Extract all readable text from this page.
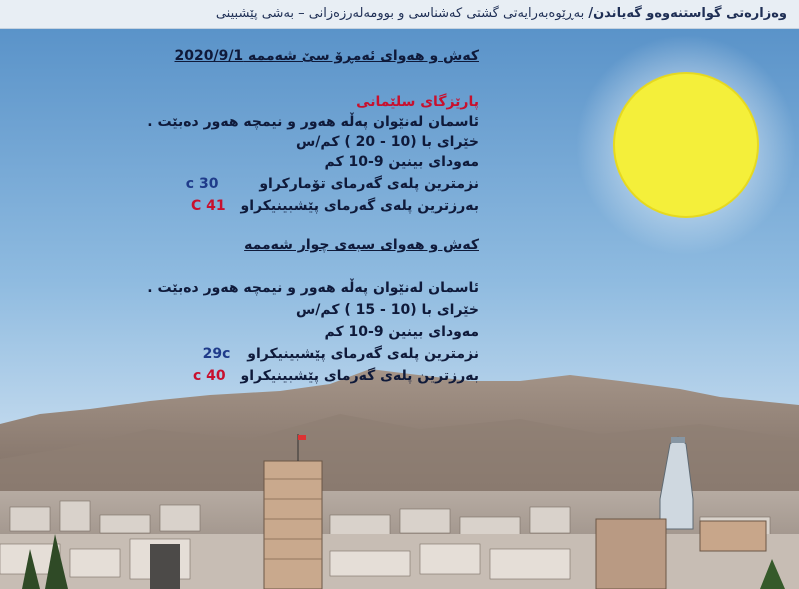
وەزارەتی گواستنەوەو گەیاندن/ بەڕێوەبەرایەتی گشتی کەشناسی و بوومەلەرزەزانی – بەشی پێشبینی
کەش و هەوای ئەمڕۆ سێ شەممە 2020/9/1
پارێزگای سلێمانی
ئاسمان لەنێوان پەڵە هەور و نیمچە هەور دەبێت .
خێرای با (10 - 20 ) کم/س
مەودای بینین 9-10 کم
نزمترین پلەی گەرمای تۆمارکراو 30 c
بەرزترین پلەی گەرمای پێشبینیکراو 41 C
کەش و هەوای سبەی چوار شەممە
ئاسمان لەنێوان پەڵە هەور و نیمچە هەور دەبێت .
خێرای با (10 - 15 ) کم/س
مەودای بینین 9-10 کم
نزمترین پلەی گەرمای پێشبینیکراو 29c
بەرزترین پلەی گەرمای پێشبینیکراو 40 c
